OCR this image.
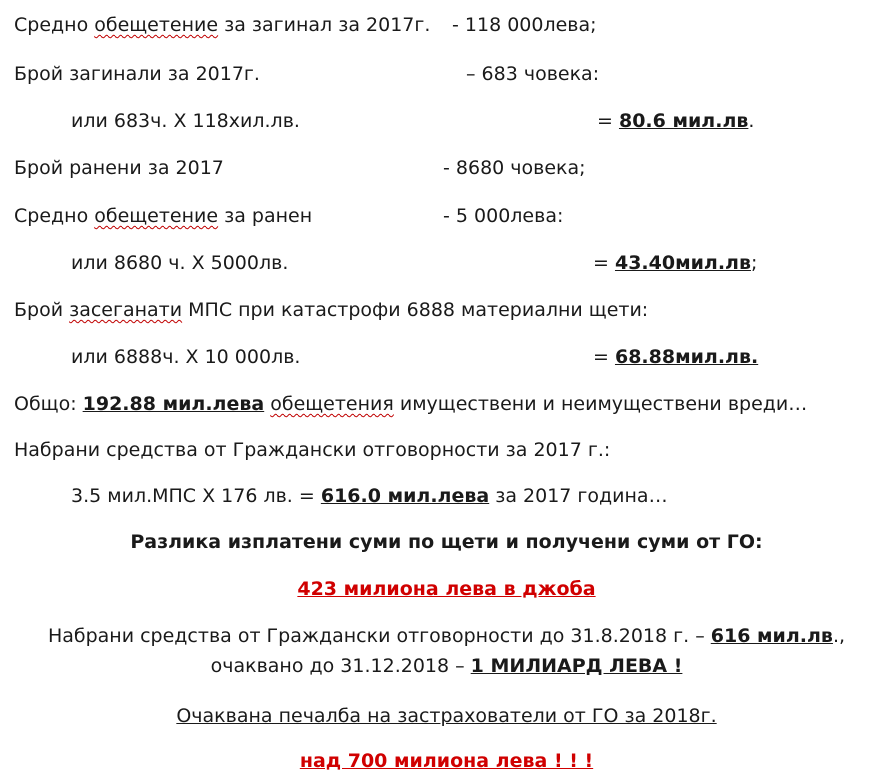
Средно обещетение за загинал за 2017г. - 118 000лева;
Брой загинали за 2017г.	– 683 човека:
или 683ч. Х 118хил.лв.	= 80.6 мил.лв.
Брой ранени за 2017	- 8680 човека;
Средно обещетение за ранен	- 5 000лева:
или 8680 ч. Х 5000лв.	= 43.40мил.лв;
Брой засеганати МПС при катастрофи 6888 материални щети:
или 6888ч. Х 10 000лв.	= 68.88мил.лв.
Общо: 192.88 мил.лева обещетения имуществени и неимуществени вреди…
Набрани средства от Граждански отговорности за 2017 г.:
3.5 мил.МПС Х 176 лв. = 616.0 мил.лева за 2017 година…
Разлика изплатени суми по щети и получени суми от ГО:
423 милиона лева в джоба
Набрани средства от Граждански отговорности до 31.8.2018 г. – 616 мил.лв.,
очаквано до 31.12.2018 – 1 МИЛИАРД ЛЕВА !
Очаквана печалба на застрахователи от ГО за 2018г.
над 700 милиона лева ! ! !
